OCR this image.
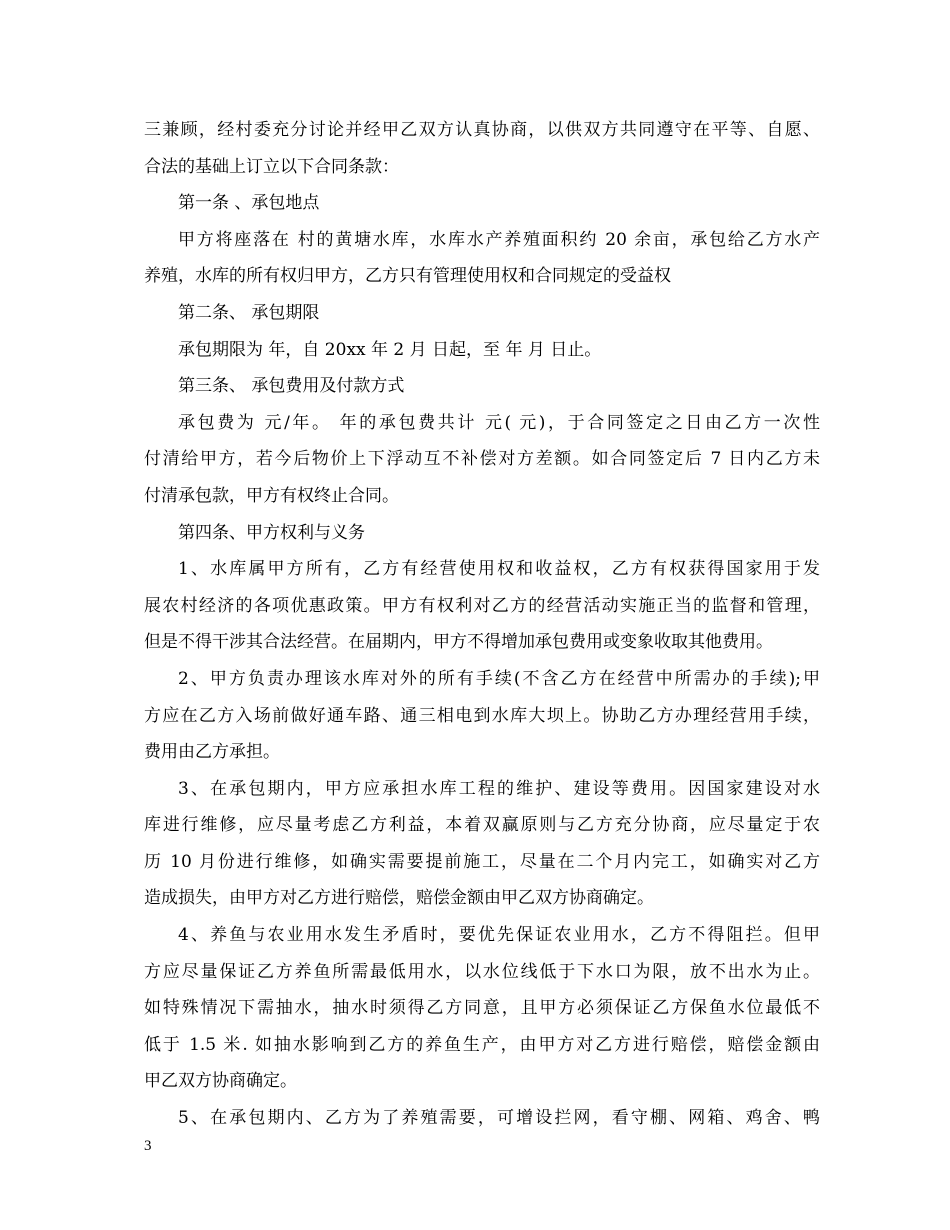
三兼顾，经村委充分讨论并经甲乙双方认真协商，以供双方共同遵守在平等、自愿、
合法的基础上订立以下合同条款：
第一条 、承包地点
甲方将座落在 村的黄塘水库，水库水产养殖面积约 20 余亩，承包给乙方水产
养殖，水库的所有权归甲方，乙方只有管理使用权和合同规定的受益权
第二条、 承包期限
承包期限为 年，自 20xx 年 2 月 日起，至 年 月 日止。
第三条、 承包费用及付款方式
承包费为 元/年。 年的承包费共计 元( 元)，于合同签定之日由乙方一次性
付清给甲方，若今后物价上下浮动互不补偿对方差额。如合同签定后 7 日内乙方未
付清承包款，甲方有权终止合同。
第四条、甲方权利与义务
1、水库属甲方所有，乙方有经营使用权和收益权，乙方有权获得国家用于发
展农村经济的各项优惠政策。甲方有权利对乙方的经营活动实施正当的监督和管理，
但是不得干涉其合法经营。在届期内，甲方不得增加承包费用或变象收取其他费用。
2、甲方负责办理该水库对外的所有手续(不含乙方在经营中所需办的手续);甲
方应在乙方入场前做好通车路、通三相电到水库大坝上。协助乙方办理经营用手续，
费用由乙方承担。
3、在承包期内，甲方应承担水库工程的维护、建设等费用。因国家建设对水
库进行维修，应尽量考虑乙方利益，本着双赢原则与乙方充分协商，应尽量定于农
历 10 月份进行维修，如确实需要提前施工，尽量在二个月内完工，如确实对乙方
造成损失，由甲方对乙方进行赔偿，赔偿金额由甲乙双方协商确定。
4、养鱼与农业用水发生矛盾时，要优先保证农业用水，乙方不得阻拦。但甲
方应尽量保证乙方养鱼所需最低用水，以水位线低于下水口为限，放不出水为止。
如特殊情况下需抽水，抽水时须得乙方同意，且甲方必须保证乙方保鱼水位最低不
低于 1.5 米. 如抽水影响到乙方的养鱼生产，由甲方对乙方进行赔偿，赔偿金额由
甲乙双方协商确定。
5、在承包期内、乙方为了养殖需要，可增设拦网，看守棚、网箱、鸡舍、鸭
3
